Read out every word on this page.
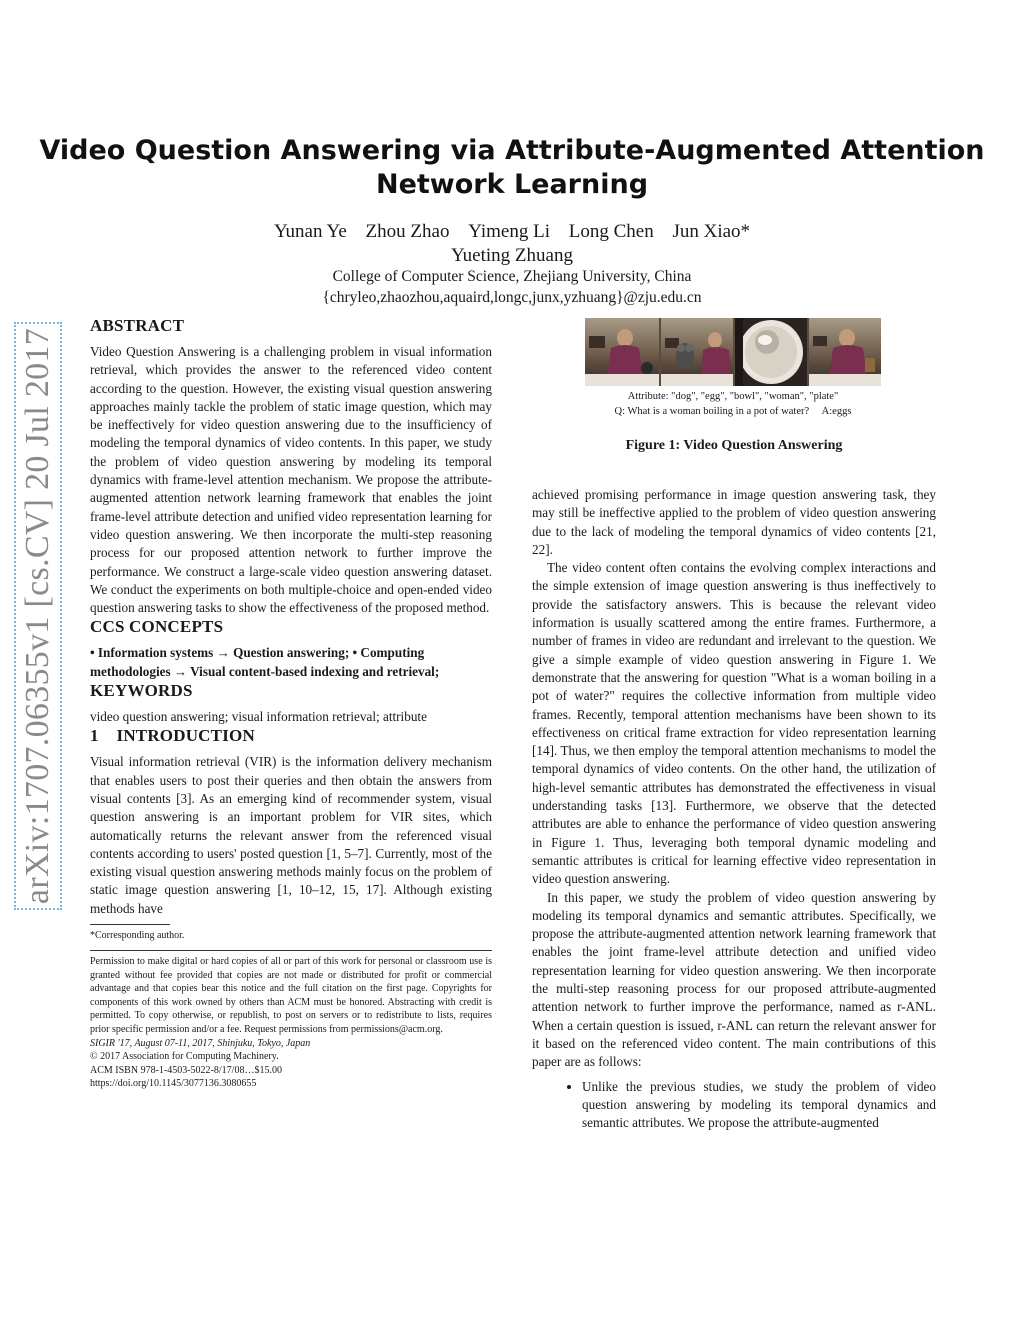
Video Question Answering via Attribute-Augmented Attention
Network Learning
Yunan Ye Zhou Zhao Yimeng Li Long Chen Jun Xiao*
Yueting Zhuang
College of Computer Science, Zhejiang University, China
{chryleo,zhaozhou,aquaird,longc,junx,yzhuang}@zju.edu.cn
arXiv:1707.06355v1 [cs.CV] 20 Jul 2017
ABSTRACT

Video Question Answering is a challenging problem in visual information retrieval, which provides the answer to the referenced video content according to the question. However, the existing visual question answering approaches mainly tackle the problem of static image question, which may be ineffectively for video question answering due to the insufficiency of modeling the temporal dynamics of video contents. In this paper, we study the problem of video question answering by modeling its temporal dynamics with frame-level attention mechanism. We propose the attribute-augmented attention network learning framework that enables the joint frame-level attribute detection and unified video representation learning for video question answering. We then incorporate the multi-step reasoning process for our proposed attention network to further improve the performance. We construct a large-scale video question answering dataset. We conduct the experiments on both multiple-choice and open-ended video question answering tasks to show the effectiveness of the proposed method.

CCS CONCEPTS

• Information systems → Question answering; • Computing methodologies → Visual content-based indexing and retrieval;

KEYWORDS

video question answering; visual information retrieval; attribute

1    INTRODUCTION

Visual information retrieval (VIR) is the information delivery mechanism that enables users to post their queries and then obtain the answers from visual contents [3]. As an emerging kind of recommender system, visual question answering is an important problem for VIR sites, which automatically returns the relevant answer from the referenced visual contents according to users' posted question [1, 5–7]. Currently, most of the existing visual question answering methods mainly focus on the problem of static image question answering [1, 10–12, 15, 17]. Although existing methods have

*Corresponding author.

Permission to make digital or hard copies of all or part of this work for personal or classroom use is granted without fee provided that copies are not made or distributed for profit or commercial advantage and that copies bear this notice and the full citation on the first page. Copyrights for components of this work owned by others than ACM must be honored. Abstracting with credit is permitted. To copy otherwise, or republish, to post on servers or to redistribute to lists, requires prior specific permission and/or a fee. Request permissions from permissions@acm.org.

SIGIR '17, August 07-11, 2017, Shinjuku, Tokyo, Japan

© 2017 Association for Computing Machinery.

ACM ISBN 978-1-4503-5022-8/17/08…$15.00

https://doi.org/10.1145/3077136.3080655

Attribute: "dog", "egg", "bowl", "woman", "plate"
Q: What is a woman boiling in a pot of water?     A:eggs
Figure 1: Video Question Answering

achieved promising performance in image question answering task, they may still be ineffective applied to the problem of video question answering due to the lack of modeling the temporal dynamics of video contents [21, 22].

The video content often contains the evolving complex interactions and the simple extension of image question answering is thus ineffectively to provide the satisfactory answers. This is because the relevant video information is usually scattered among the entire frames. Furthermore, a number of frames in video are redundant and irrelevant to the question. We give a simple example of video question answering in Figure 1. We demonstrate that the answering for question "What is a woman boiling in a pot of water?" requires the collective information from multiple video frames. Recently, temporal attention mechanisms have been shown to its effectiveness on critical frame extraction for video representation learning [14]. Thus, we then employ the temporal attention mechanisms to model the temporal dynamics of video contents. On the other hand, the utilization of high-level semantic attributes has demonstrated the effectiveness in visual understanding tasks [13]. Furthermore, we observe that the detected attributes are able to enhance the performance of video question answering in Figure 1. Thus, leveraging both temporal dynamic modeling and semantic attributes is critical for learning effective video representation in video question answering.

In this paper, we study the problem of video question answering by modeling its temporal dynamics and semantic attributes. Specifically, we propose the attribute-augmented attention network learning framework that enables the joint frame-level attribute detection and unified video representation learning for video question answering. We then incorporate the multi-step reasoning process for our proposed attribute-augmented attention network to further improve the performance, named as r-ANL. When a certain question is issued, r-ANL can return the relevant answer for it based on the referenced video content. The main contributions of this paper are as follows:

• Unlike the previous studies, we study the problem of video question answering by modeling its temporal dynamics and semantic attributes. We propose the attribute-augmented
